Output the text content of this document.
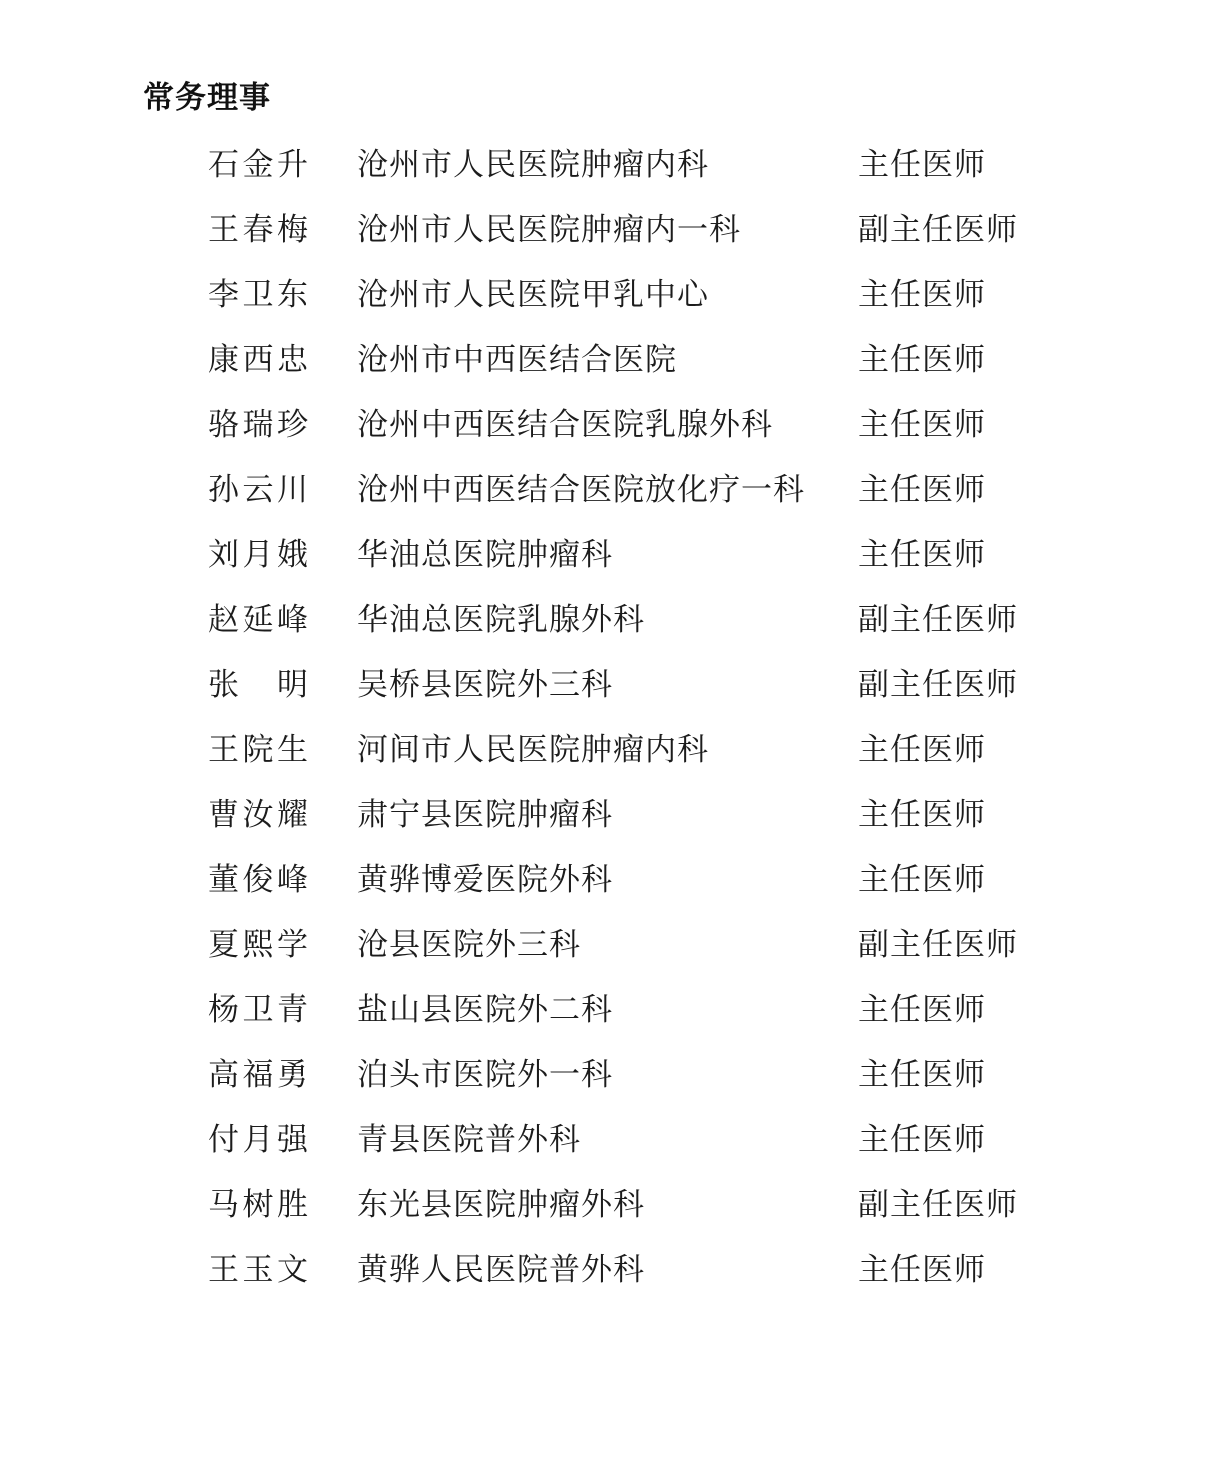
常务理事
石金升 沧州市人民医院肿瘤内科	主任医师
王春梅 沧州市人民医院肿瘤内一科	副主任医师
李卫东 沧州市人民医院甲乳中心	主任医师
康西忠 沧州市中西医结合医院	主任医师
骆瑞珍 沧州中西医结合医院乳腺外科	主任医师
孙云川 沧州中西医结合医院放化疗一科 主任医师
刘月娥 华油总医院肿瘤科	主任医师
赵延峰 华油总医院乳腺外科	副主任医师
张 明 吴桥县医院外三科	副主任医师
王院生 河间市人民医院肿瘤内科	主任医师
曹汝耀 肃宁县医院肿瘤科	主任医师
董俊峰 黄骅博爱医院外科	主任医师
夏熙学 沧县医院外三科	副主任医师
杨卫青 盐山县医院外二科	主任医师
高福勇 泊头市医院外一科	主任医师
付月强 青县医院普外科	主任医师
马树胜 东光县医院肿瘤外科	副主任医师
王玉文 黄骅人民医院普外科	主任医师
